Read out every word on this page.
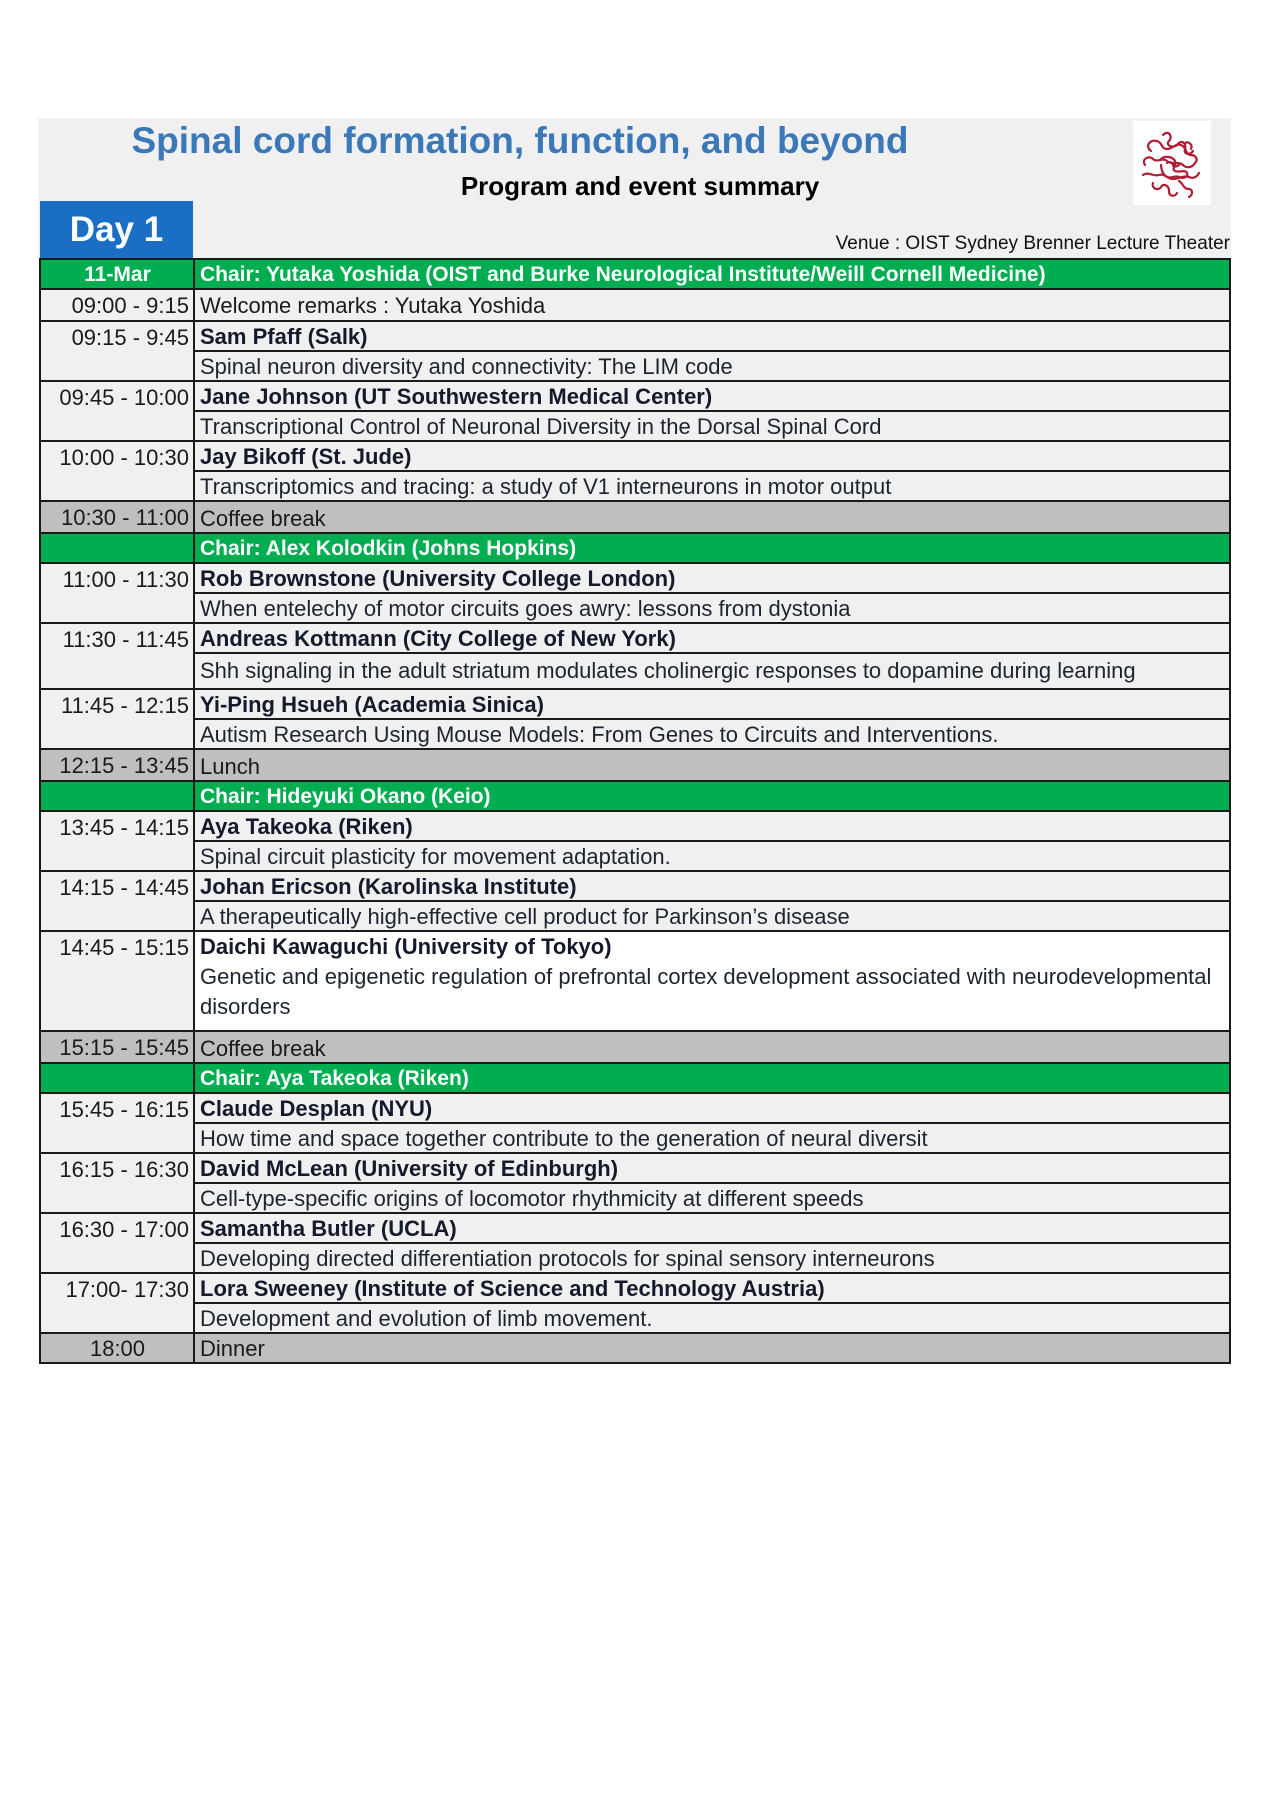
Spinal cord formation, function, and beyond
Program and event summary
Day 1	Venue : OIST Sydney Brenner Lecture Theater
11-Mar	Chair: Yutaka Yoshida (OIST and Burke Neurological Institute/Weill Cornell Medicine)
09:00 - 9:15	Welcome remarks : Yutaka Yoshida
09:15 - 9:45	Sam Pfaff (Salk)
	Spinal neuron diversity and connectivity: The LIM code
09:45 - 10:00	Jane Johnson (UT Southwestern Medical Center)
	Transcriptional Control of Neuronal Diversity in the Dorsal Spinal Cord
10:00 - 10:30	Jay Bikoff (St. Jude)
	Transcriptomics and tracing: a study of V1 interneurons in motor output
10:30 - 11:00	Coffee break
	Chair: Alex Kolodkin (Johns Hopkins)
11:00 - 11:30	Rob Brownstone (University College London)
	When entelechy of motor circuits goes awry: lessons from dystonia
11:30 - 11:45	Andreas Kottmann (City College of New York)
	Shh signaling in the adult striatum modulates cholinergic responses to dopamine during learning
11:45 - 12:15	Yi-Ping Hsueh (Academia Sinica)
	Autism Research Using Mouse Models: From Genes to Circuits and Interventions.
12:15 - 13:45	Lunch
	Chair: Hideyuki Okano (Keio)
13:45 - 14:15	Aya Takeoka (Riken)
	Spinal circuit plasticity for movement adaptation.
14:15 - 14:45	Johan Ericson (Karolinska Institute)
	A therapeutically high-effective cell product for Parkinson’s disease
14:45 - 15:15	Daichi Kawaguchi (University of Tokyo)
	Genetic and epigenetic regulation of prefrontal cortex development associated with neurodevelopmental disorders
15:15 - 15:45	Coffee break
	Chair: Aya Takeoka (Riken)
15:45 - 16:15	Claude Desplan (NYU)
	How time and space together contribute to the generation of neural diversit
16:15 - 16:30	David McLean (University of Edinburgh)
	Cell-type-specific origins of locomotor rhythmicity at different speeds
16:30 - 17:00	Samantha Butler (UCLA)
	Developing directed differentiation protocols for spinal sensory interneurons
17:00- 17:30	Lora Sweeney (Institute of Science and Technology Austria)
	Development and evolution of limb movement.
18:00	Dinner
